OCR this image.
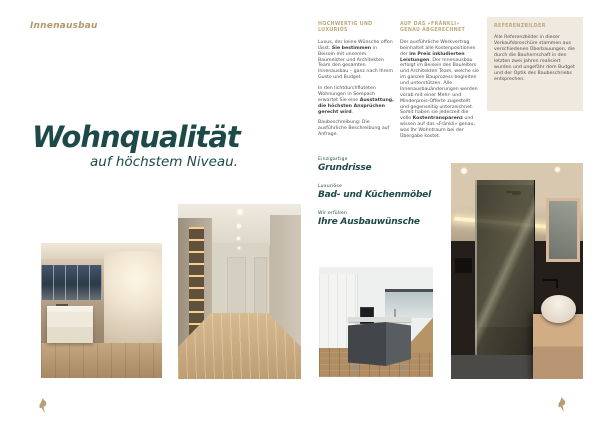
Innenausbau
Wohnqualität
auf höchstem Niveau.
HOCHWERTIG UND LUXURIÖS

Luxus, der keine Wünsche offen lässt. Sie bestimmen in Beisein mit unserem Baumeister und Architekten Team den gesamten Innenausbau – ganz nach Ihrem Gusto und Budget.

In den lichtdurchfluteten Wohnungen in Sempach erwartet Sie eine Ausstattung, die höchsten Ansprüchen gerecht wird.

Baubeschreibung: Die ausführliche Beschreibung auf Anfrage.

AUF DAS «FRÄNKLI» GENAU ABGERECHNET

Der ausführliche Werkvertrag beinhaltet alle Kostenpositionen der im Preis inkludierten Leistungen. Der Innenausbau erfolgt im Beisein des Bauleiters und Architekten Team, welche sie im ganzen Bauprozess begleiten und unterstützen. Alle Innenausbauänderungen werden vorab mit einer Mehr- und Minderpreis-Offerte zugestellt und gegenseitig unterzeichnet. Somit haben sie jederzeit die volle Kostentransparenz und wissen auf das «Fränkli» genau, was Ihr Wohntraum bei der Übergabe kostet.

REFERENZBILDER

Alle Referenzbilder in dieser Verkaufsbroschüre stammen aus verschiedenen Überbauungen, die durch die Bauherrschaft in den letzten zwei Jahren realisiert wurden und ungefähr dem Budget und der Optik des Baubeschriebs entsprechen.

Einzigartige
Grundrisse
Luxuriöse
Bad- und Küchenmöbel
Wir erfüllen
Ihre Ausbauwünsche
